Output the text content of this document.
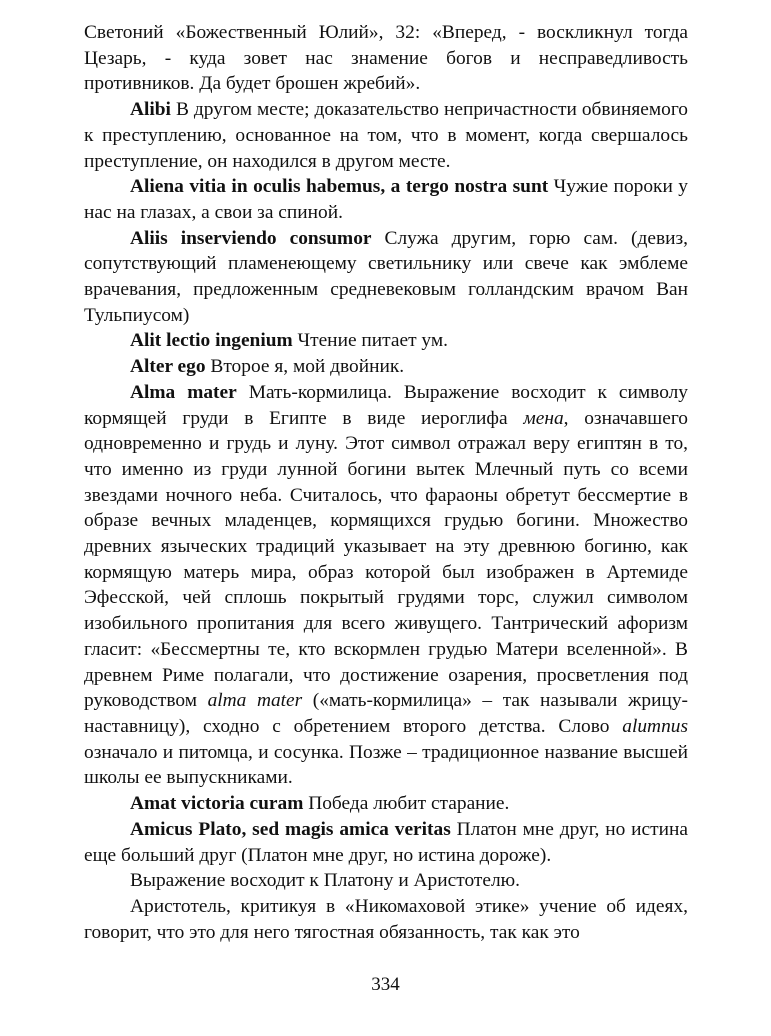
Светоний «Божественный Юлий», 32: «Вперед, - воскликнул тогда Цезарь, - куда зовет нас знамение богов и несправедливость противников. Да будет брошен жребий».

Alibi В другом месте; доказательство непричастности обвиняемого к преступлению, основанное на том, что в момент, когда свершалось преступление, он находился в другом месте.

Aliena vitia in oculis habemus, a tergo nostra sunt Чужие пороки у нас на глазах, а свои за спиной.

Aliis inserviendo consumor Служа другим, горю сам. (девиз, сопутствующий пламенеющему светильнику или свече как эмблеме врачевания, предложенным средневековым голландским врачом Ван Тульпиусом)

Alit lectio ingenium Чтение питает ум.

Alter ego Второе я, мой двойник.

Alma mater Мать-кормилица. Выражение восходит к символу кормящей груди в Египте в виде иероглифа мена, означавшего одновременно и грудь и луну. Этот символ отражал веру египтян в то, что именно из груди лунной богини вытек Млечный путь со всеми звездами ночного неба. Считалось, что фараоны обретут бессмертие в образе вечных младенцев, кормящихся грудью богини. Множество древних языческих традиций указывает на эту древнюю богиню, как кормящую матерь мира, образ которой был изображен в Артемиде Эфесской, чей сплошь покрытый грудями торс, служил символом изобильного пропитания для всего живущего. Тантрический афоризм гласит: «Бессмертны те, кто вскормлен грудью Матери вселенной». В древнем Риме полагали, что достижение озарения, просветления под руководством alma mater («мать-кормилица» – так называли жрицу-наставницу), сходно с обретением второго детства. Слово alumnus означало и питомца, и сосунка. Позже – традиционное название высшей школы ее выпускниками.

Amat victoria curam Победа любит старание.

Amicus Plato, sed magis amica veritas Платон мне друг, но истина еще больший друг (Платон мне друг, но истина дороже).

Выражение восходит к Платону и Аристотелю.

Аристотель, критикуя в «Никомаховой этике» учение об идеях, говорит, что это для него тягостная обязанность, так как это

334
